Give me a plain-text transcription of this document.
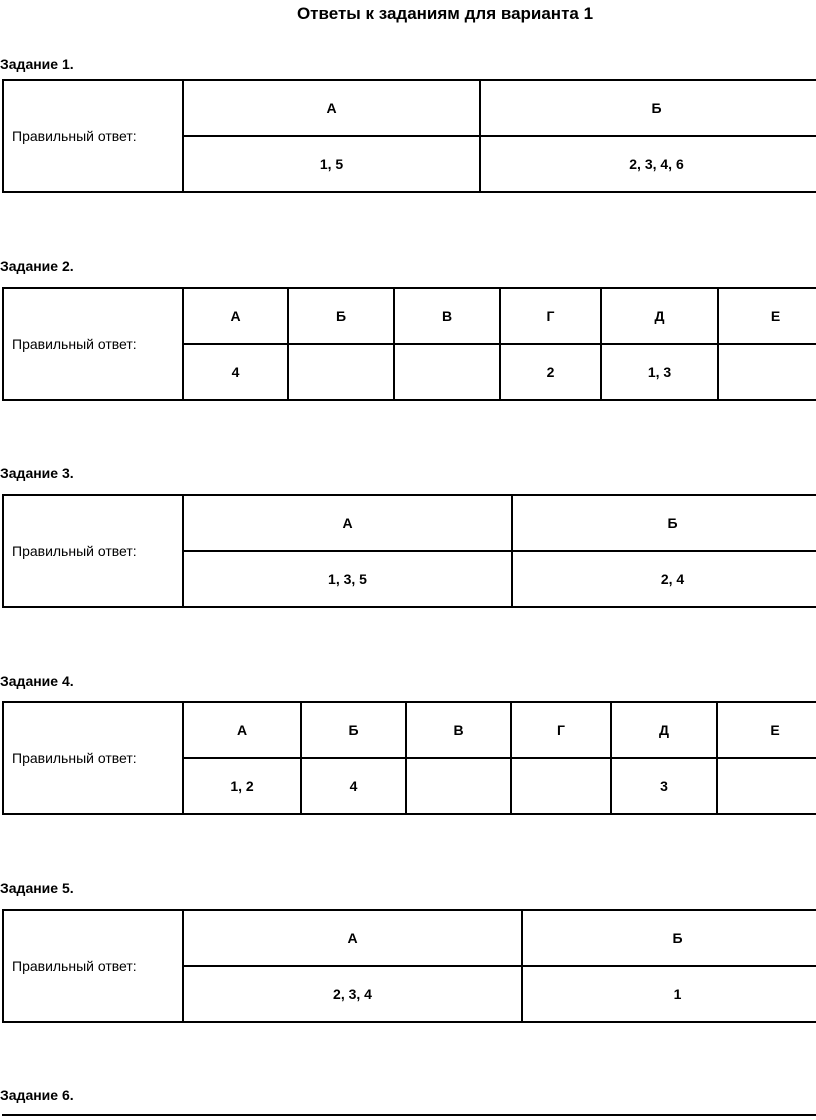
Ответы к заданиям для варианта 1
Задание 1.
Правильный ответ:	А	Б
	1, 5	2, 3, 4, 6
Задание 2.
Правильный ответ:	А	Б	В	Г	Д	Е
	4			2	1, 3	
Задание 3.
Правильный ответ:	А	Б
	1, 3, 5	2, 4
Задание 4.
Правильный ответ:	А	Б	В	Г	Д	Е
	1, 2	4			3	
Задание 5.
Правильный ответ:	А	Б
	2, 3, 4	1
Задание 6.
